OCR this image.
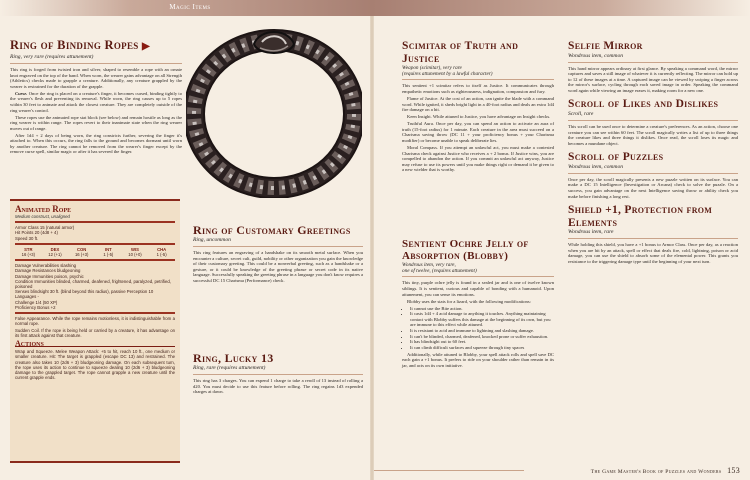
Magic Items
Ring of Binding Ropes ▶
Ring, very rare (requires attunement)

This ring is forged from twisted iron and silver, shaped to resemble a rope with an ornate knot engraved on the top of the band. When worn, the wearer gains advantage on all Strength (Athletics) checks made to grapple a creature. Additionally, any creature grappled by the wearer is restrained for the duration of the grapple.

Curse. Once the ring is placed on a creature's finger, it becomes cursed, binding tightly to the wearer's flesh and preventing its removal. While worn, the ring causes up to 5 ropes within 30 feet to animate and attack the closest creature. They are completely outside of the ring wearer's control.

These ropes use the animated rope stat block (see below) and remain hostile as long as the ring wearer is within range. The ropes revert to their inanimate state when the ring wearer moves out of range.

After 1d4 + 2 days of being worn, the ring constricts further, severing the finger it's attached to. When this occurs, the ring falls to the ground and becomes dormant until worn by another creature. The ring cannot be removed from the wearer's finger except by the remove curse spell, similar magic or after it has severed the finger.

Animated Rope
Medium construct, unaligned
Armor Class 15 (natural armor)
Hit Points 20 (4d8 + 4)
Speed 30 ft.
STR	DEX	CON	INT	WIS	CHA
16 (+3)	12 (+1)	16 (+3)	1 (-5)	10 (+0)	1 (-5)
Damage Vulnerabilities slashing
Damage Resistances bludgeoning
Damage Immunities poison, psychic
Condition Immunities blinded, charmed, deafened, frightened, paralyzed, petrified, poisoned
Senses blindsight 30 ft. (blind beyond this radius), passive Perception 10
Languages -
Challenge 1/4 (50 XP)
Proficiency Bonus +2

False Appearance. While the rope remains motionless, it is indistinguishable from a normal rope.

Sudden Coil. If the rope is being held or carried by a creature, it has advantage on its first attack against that creature.

Actions

Wrap and Squeeze. Melee Weapon Attack: +5 to hit, reach 10 ft., one medium or smaller creature. Hit: The target is grappled (escape DC 13) and restrained. The creature also takes 10 (2d6 + 3) bludgeoning damage. On each subsequent turn, the rope uses its action to continue to squeeze dealing 10 (2d6 + 3) bludgeoning damage to the grappled target. The rope cannot grapple a new creature until the current grapple ends.

Ring of Customary Greetings
Ring, uncommon

This ring features an engraving of a handshake on its smooth metal surface. When you encounter a culture, secret cult, guild, nobility or other organization you gain the knowledge of their customary greeting. This could be a nonverbal greeting, such as a handshake or a gesture, or it could be knowledge of the greeting phrase or secret code in its native language. Successfully speaking the greeting phrase in a language you don't know requires a successful DC 15 Charisma (Performance) check.

Ring, Lucky 13
Ring, rare (requires attunement)

This ring has 3 charges. You can expend 1 charge to take a reroll of 13 instead of rolling a d20. You must decide to use this feature before rolling. The ring regains 1d3 expended charges at dawn.

Scimitar of Truth and Justice
Weapon (scimitar), very rare
(requires attunement by a lawful character)

This sentient +1 scimitar refers to itself as Justice. It communicates through empathetic emotions such as righteousness, indignation, compassion and fury.

Flame of Justice. At the cost of an action, can ignite the blade with a command word. While ignited, it sheds bright light in a 40-foot radius and deals an extra 1d4 fire damage on a hit.

Keen Insight. While attuned to Justice, you have advantage on Insight checks.

Truthful Aura. Once per day, you can spend an action to activate an aura of truth (15-foot radius) for 1 minute. Each creature in the area must succeed on a Charisma saving throw (DC 11 + your proficiency bonus + your Charisma modifier) or become unable to speak deliberate lies.

Moral Compass. If you attempt an unlawful act, you must make a contested Charisma check against Justice who receives a + 2 bonus. If Justice wins, you are compelled to abandon the action. If you commit an unlawful act anyway, Justice may refuse to use its powers until you make things right or demand it be given to a new wielder that is worthy.

Sentient Ochre Jelly of Absorption (Blobby)
Wondrous item, very rare,
one of twelve, (requires attunement)

This tiny, purple ochre jelly is found in a sealed jar and is one of twelve known siblings. It is sentient, curious and capable of bonding with a humanoid. Upon attunement, you can sense its emotions.

Blobby uses the stats for a lizard, with the following modifications:

• It cannot use the Bite action.
• It casts 1d4 + 4 acid damage to anything it touches. Anything maintaining contact with Blobby suffers this damage at the beginning of its own, but you are immune to this effect while attuned.
• It is resistant to acid and immune to lightning and slashing damage.
• It can't be blinded, charmed, deafened, knocked prone or suffer exhaustion.
• It has blindsight out to 60 feet.
• It can climb difficult surfaces and squeeze through tiny spaces

Additionally, while attuned to Blobby, your spell attack rolls and spell save DC each gain a +1 bonus. It prefers to ride on your shoulder rather than remain in its jar, and acts on its own initiative.

Selfie Mirror
Wondrous item, common

This hand mirror appears ordinary at first glance. By speaking a command word, the mirror captures and saves a still image of whatever it is currently reflecting. The mirror can hold up to 12 of these images at a time. A captured image can be viewed by swiping a finger across the mirror's surface, cycling through each saved image in order. Speaking the command word again while viewing an image erases it, making room for a new one.

Scroll of Likes and Dislikes
Scroll, rare

This scroll can be used once to determine a creature's preferences. As an action, choose one creature you can see within 60 feet. The scroll magically writes a list of up to three things the creature likes and three things it dislikes. Once read, the scroll loses its magic and becomes a mundane object.

Scroll of Puzzles
Wondrous item, common

Once per day, the scroll magically presents a new puzzle written on its surface. You can make a DC 15 Intelligence (Investigation or Arcana) check to solve the puzzle. On a success, you gain advantage on the next Intelligence saving throw or ability check you make before finishing a long rest.

Shield +1, Protection from Elements
Wondrous item, rare

While holding this shield, you have a +1 bonus to Armor Class. Once per day, as a reaction when you are hit by an attack, spell or effect that deals fire, cold, lightning, poison or acid damage, you can use the shield to absorb some of the elemental power. This grants you resistance to the triggering damage type until the beginning of your next turn.

The Game Master's Book of Puzzles and Wonders 153
